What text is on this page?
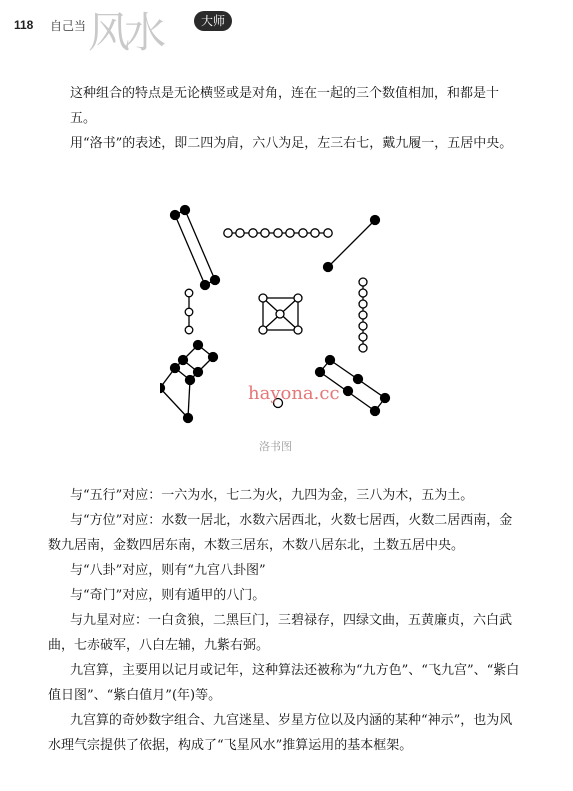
118 自己当 风水	大师

这种组合的特点是无论横竖或是对角，连在一起的三个数值相加，和都是十五。

用“洛书”的表述，即二四为肩，六八为足，左三右七，戴九履一，五居中央。

hayona.cc
洛书图

与“五行”对应：一六为水，七二为火，九四为金，三八为木，五为土。

与“方位”对应：水数一居北，水数六居西北，火数七居西，火数二居西南，金数九居南，金数四居东南，木数三居东，木数八居东北，土数五居中央。

与“八卦”对应，则有“九宫八卦图”

与“奇门”对应，则有遁甲的八门。

与九星对应：一白贪狼，二黑巨门，三碧禄存，四绿文曲，五黄廉贞，六白武曲，七赤破军，八白左辅，九紫右弼。

九宫算，主要用以记月或记年，这种算法还被称为“九方色”、“飞九宫”、“紫白值日图”、“紫白值月”(年)等。

九宫算的奇妙数字组合、九宫迷星、岁星方位以及内涵的某种“神示”，也为风水理气宗提供了依据，构成了“飞星风水”推算运用的基本框架。
